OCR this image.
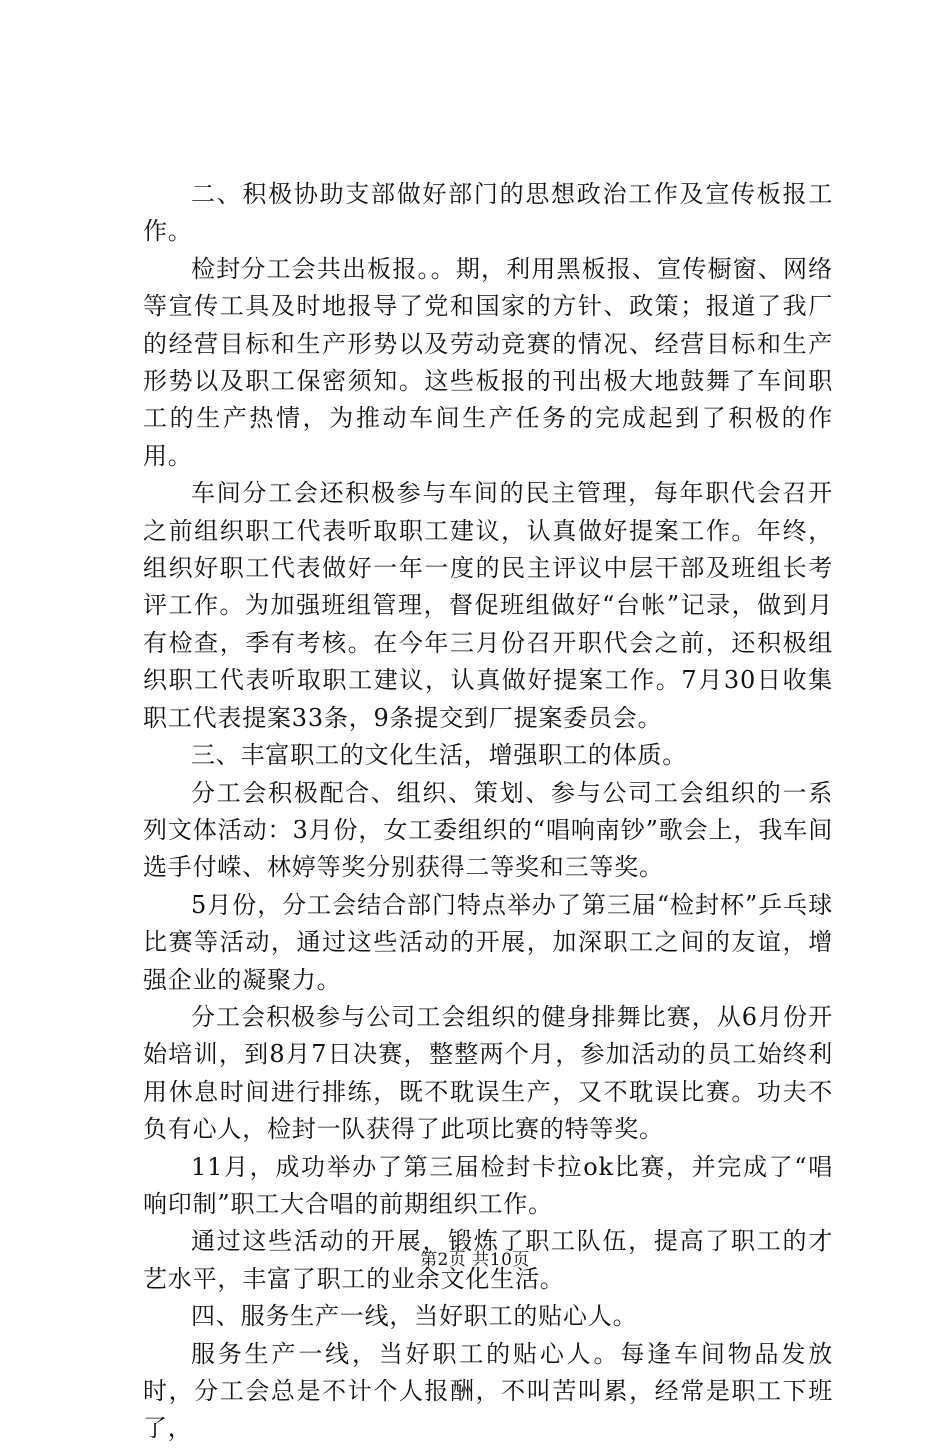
二、积极协助支部做好部门的思想政治工作及宣传板报工作。

检封分工会共出板报。。期，利用黑板报、宣传橱窗、网络等宣传工具及时地报导了党和国家的方针、政策；报道了我厂的经营目标和生产形势以及劳动竞赛的情况、经营目标和生产形势以及职工保密须知。这些板报的刊出极大地鼓舞了车间职工的生产热情，为推动车间生产任务的完成起到了积极的作用。

车间分工会还积极参与车间的民主管理，每年职代会召开之前组织职工代表听取职工建议，认真做好提案工作。年终，组织好职工代表做好一年一度的民主评议中层干部及班组长考评工作。为加强班组管理，督促班组做好“台帐”记录，做到月有检查，季有考核。在今年三月份召开职代会之前，还积极组织职工代表听取职工建议，认真做好提案工作。7月30日收集职工代表提案33条，9条提交到厂提案委员会。

三、丰富职工的文化生活，增强职工的体质。

分工会积极配合、组织、策划、参与公司工会组织的一系列文体活动：3月份，女工委组织的“唱响南钞”歌会上，我车间选手付嵘、林婷等奖分别获得二等奖和三等奖。

5月份，分工会结合部门特点举办了第三届“检封杯”乒乓球比赛等活动，通过这些活动的开展，加深职工之间的友谊，增强企业的凝聚力。

分工会积极参与公司工会组织的健身排舞比赛，从6月份开始培训，到8月7日决赛，整整两个月，参加活动的员工始终利用休息时间进行排练，既不耽误生产，又不耽误比赛。功夫不负有心人，检封一队获得了此项比赛的特等奖。

11月，成功举办了第三届检封卡拉ok比赛，并完成了“唱响印制”职工大合唱的前期组织工作。

通过这些活动的开展，锻炼了职工队伍，提高了职工的才艺水平，丰富了职工的业余文化生活。

四、服务生产一线，当好职工的贴心人。

服务生产一线，当好职工的贴心人。每逢车间物品发放时，分工会总是不计个人报酬，不叫苦叫累，经常是职工下班了，

第2页 共10页
